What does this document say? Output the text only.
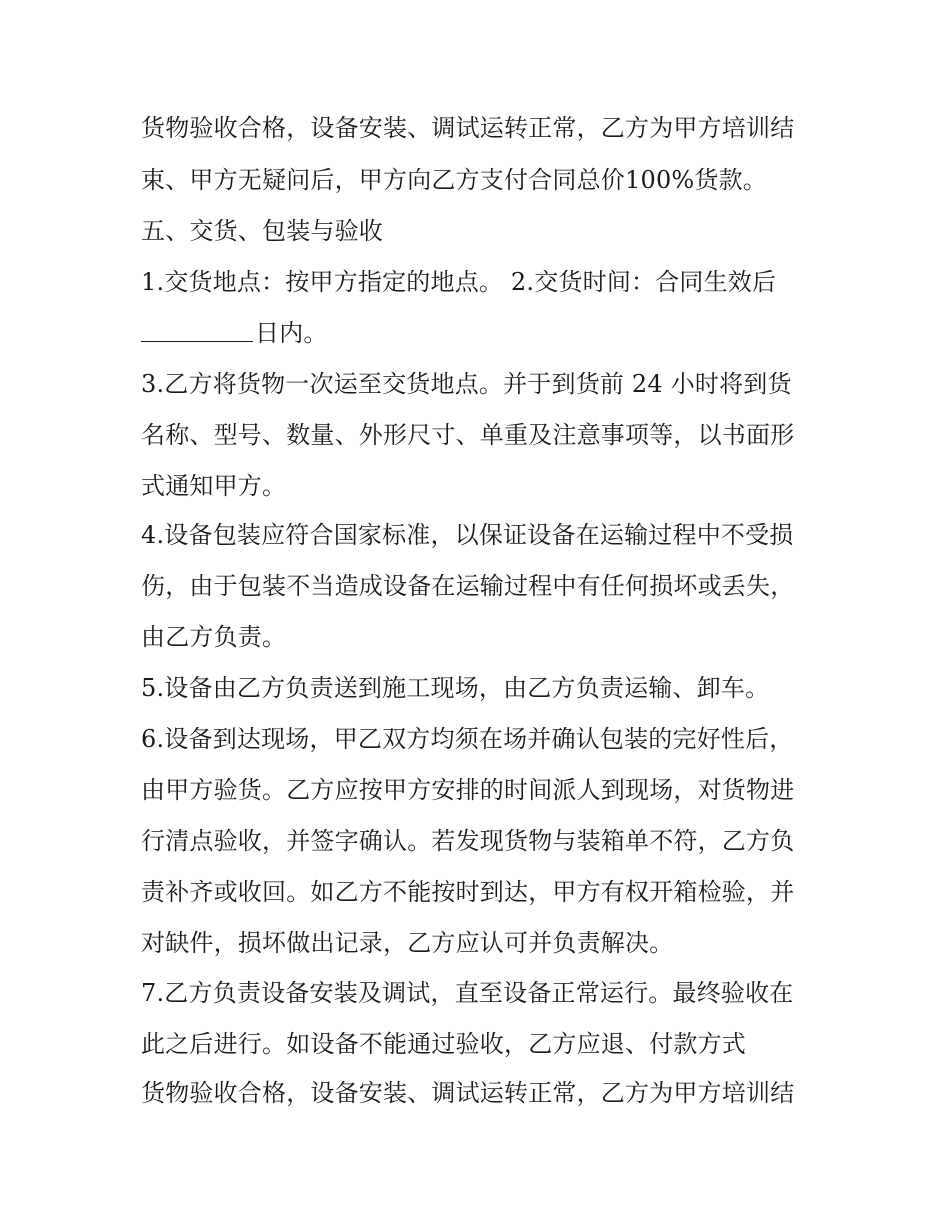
货物验收合格，设备安装、调试运转正常，乙方为甲方培训结
束、甲方无疑问后，甲方向乙方支付合同总价100%货款。
五、交货、包装与验收
1.交货地点：按甲方指定的地点。 2.交货时间：合同生效后
日内。
3.乙方将货物一次运至交货地点。并于到货前 24 小时将到货
名称、型号、数量、外形尺寸、单重及注意事项等，以书面形
式通知甲方。
4.设备包装应符合国家标准，以保证设备在运输过程中不受损
伤，由于包装不当造成设备在运输过程中有任何损坏或丢失，
由乙方负责。
5.设备由乙方负责送到施工现场，由乙方负责运输、卸车。
6.设备到达现场，甲乙双方均须在场并确认包装的完好性后，
由甲方验货。乙方应按甲方安排的时间派人到现场，对货物进
行清点验收，并签字确认。若发现货物与装箱单不符，乙方负
责补齐或收回。如乙方不能按时到达，甲方有权开箱检验，并
对缺件，损坏做出记录，乙方应认可并负责解决。
7.乙方负责设备安装及调试，直至设备正常运行。最终验收在
此之后进行。如设备不能通过验收，乙方应退、付款方式
货物验收合格，设备安装、调试运转正常，乙方为甲方培训结
